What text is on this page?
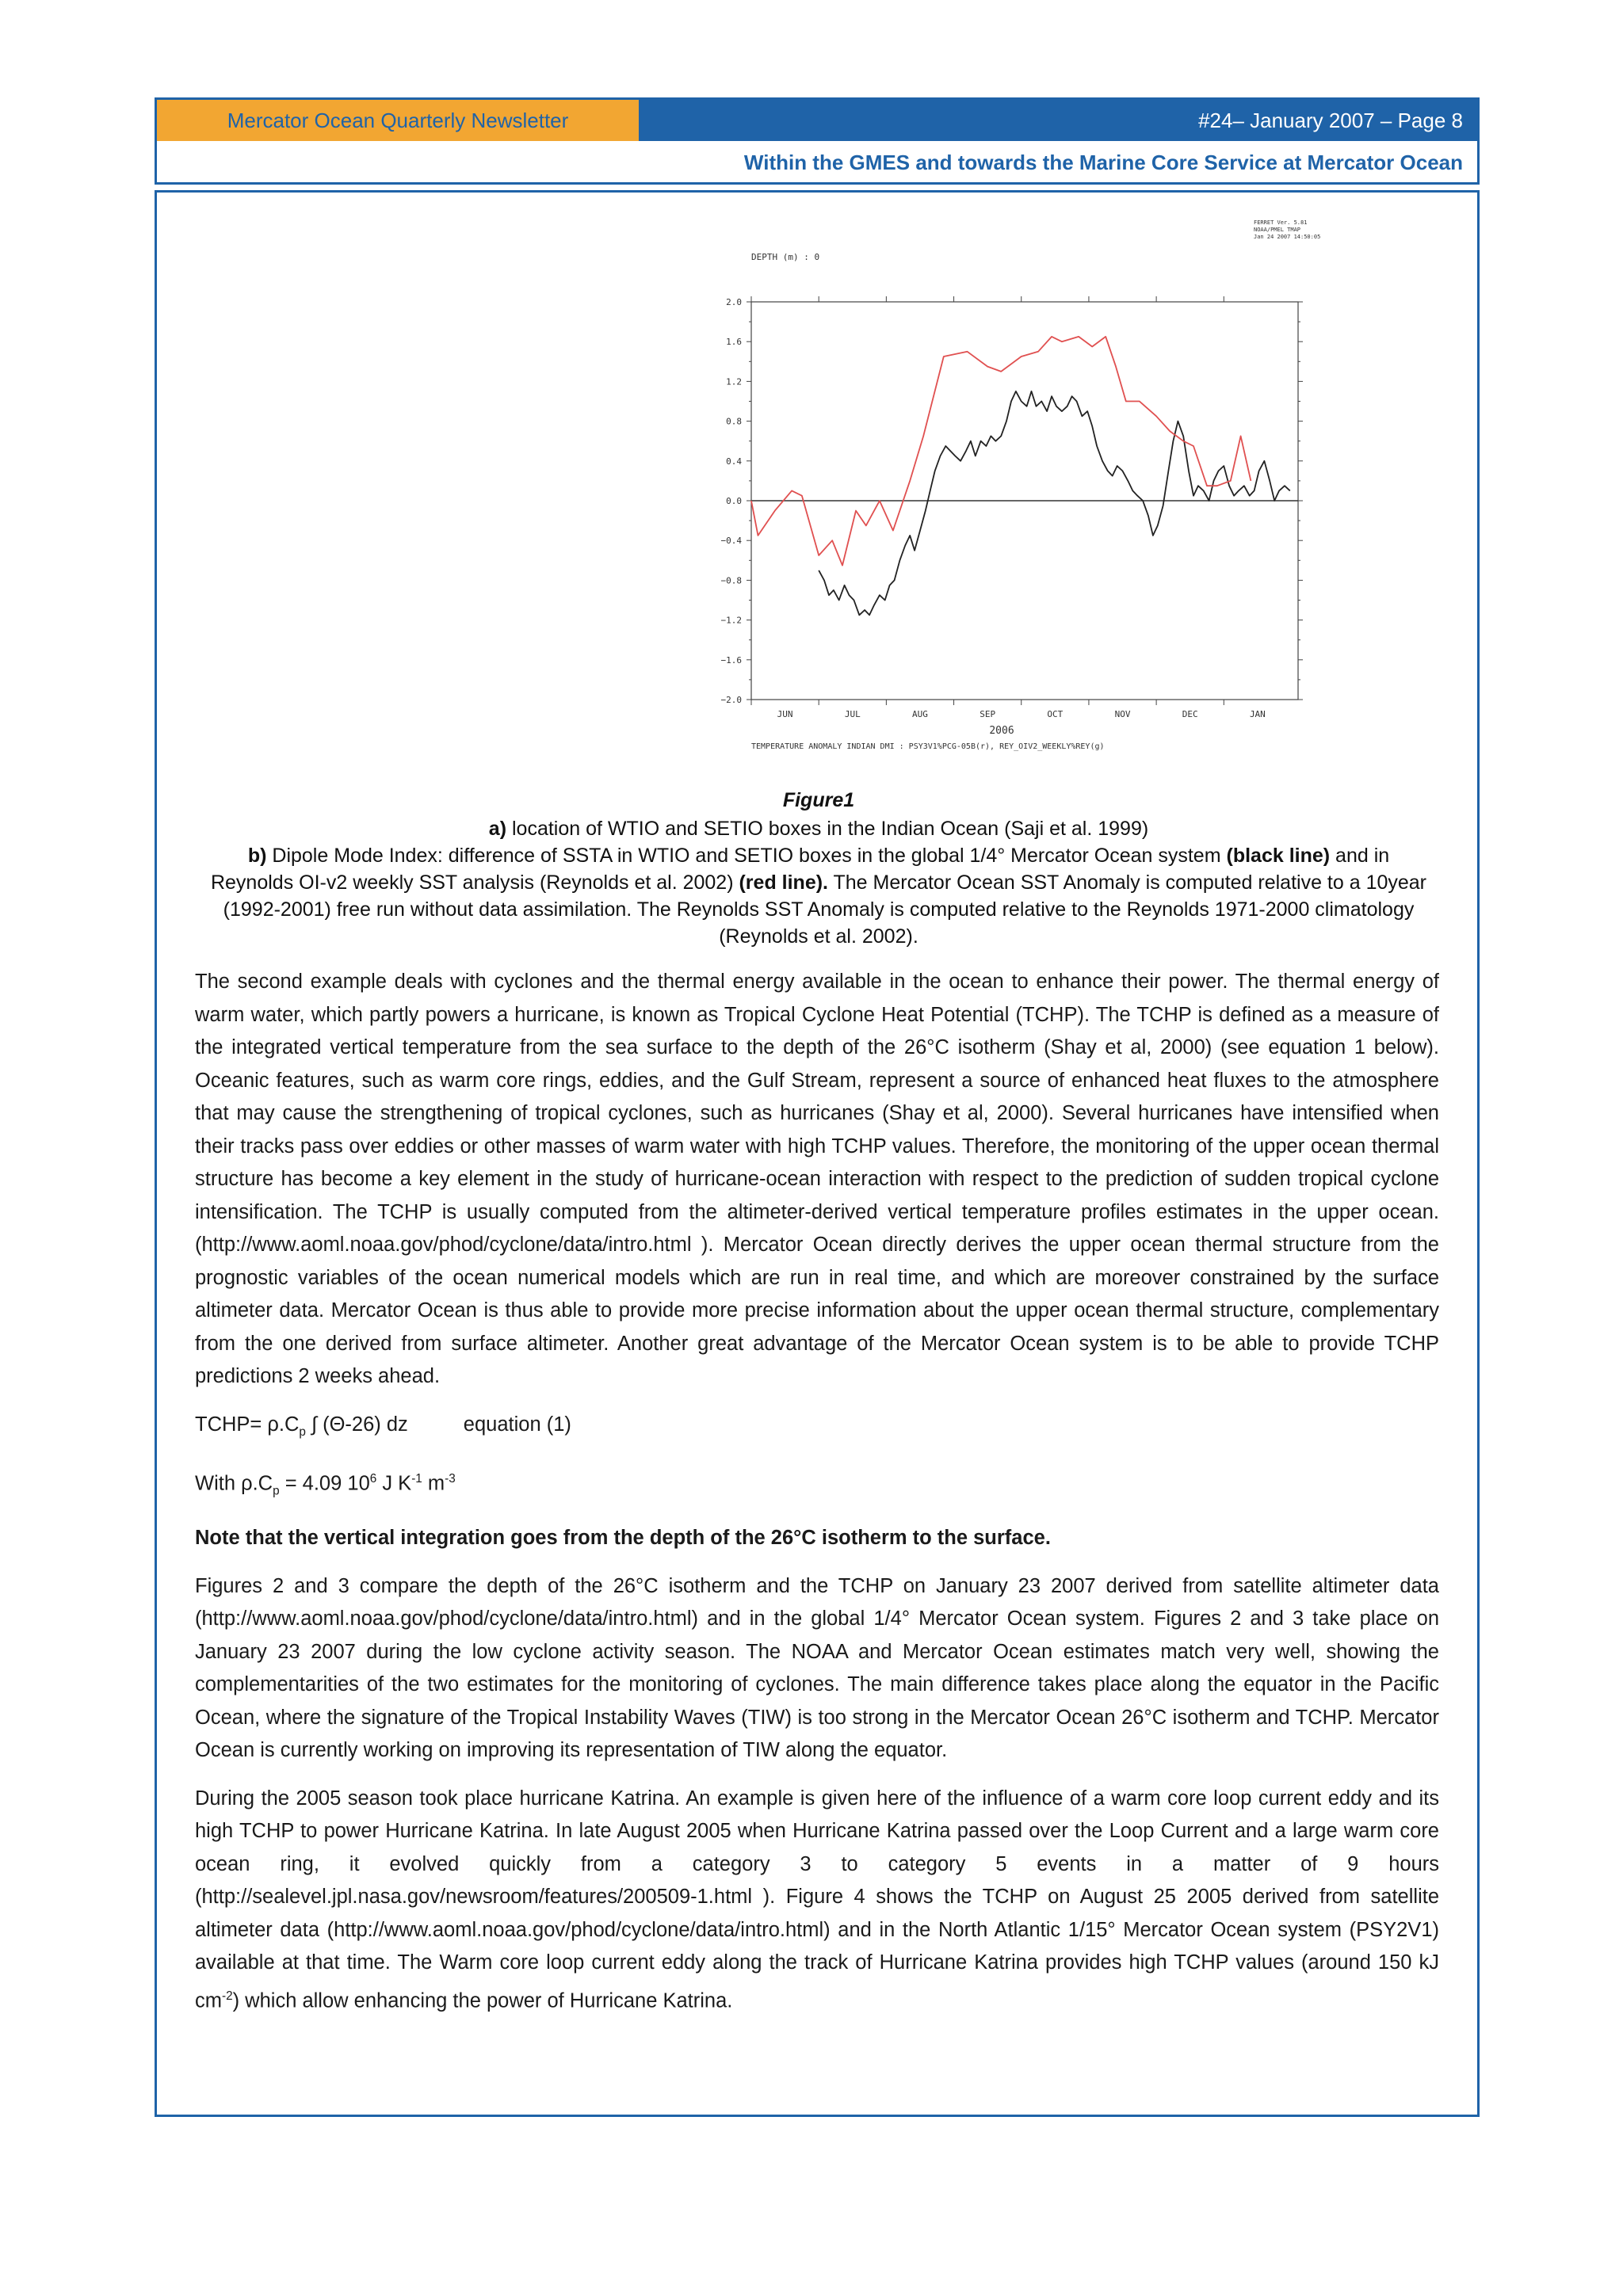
Mercator Ocean Quarterly Newsletter	#24– January 2007 – Page 8
Within the GMES and towards the Marine Core Service at Mercator Ocean
DEPTH (m) : 0
FERRET Ver. 5.81
NOAA/PMEL TMAP
Jan 24 2007 14:50:05
2.0
1.6
1.2
0.8
0.4
0.0
−0.4
−0.8
−1.2
−1.6
−2.0
JUN	JUL	AUG	SEP	OCT	NOV	DEC	JAN
2006
TEMPERATURE ANOMALY INDIAN DMI : PSY3V1%PCG-05B(r), REY_OIV2_WEEKLY%REY(g)
Figure1
a) location of WTIO and SETIO boxes in the Indian Ocean (Saji et al. 1999)
b) Dipole Mode Index: difference of SSTA in WTIO and SETIO boxes in the global 1/4° Mercator Ocean system (black line) and in Reynolds OI-v2 weekly SST analysis (Reynolds et al. 2002) (red line). The Mercator Ocean SST Anomaly is computed relative to a 10year (1992-2001) free run without data assimilation. The Reynolds SST Anomaly is computed relative to the Reynolds 1971-2000 climatology (Reynolds et al. 2002).

The second example deals with cyclones and the thermal energy available in the ocean to enhance their power. The thermal energy of warm water, which partly powers a hurricane, is known as Tropical Cyclone Heat Potential (TCHP). The TCHP is defined as a measure of the integrated vertical temperature from the sea surface to the depth of the 26°C isotherm (Shay et al, 2000) (see equation 1 below). Oceanic features, such as warm core rings, eddies, and the Gulf Stream, represent a source of enhanced heat fluxes to the atmosphere that may cause the strengthening of tropical cyclones, such as hurricanes (Shay et al, 2000). Several hurricanes have intensified when their tracks pass over eddies or other masses of warm water with high TCHP values. Therefore, the monitoring of the upper ocean thermal structure has become a key element in the study of hurricane-ocean interaction with respect to the prediction of sudden tropical cyclone intensification. The TCHP is usually computed from the altimeter-derived vertical temperature profiles estimates in the upper ocean. (http://www.aoml.noaa.gov/phod/cyclone/data/intro.html ). Mercator Ocean directly derives the upper ocean thermal structure from the prognostic variables of the ocean numerical models which are run in real time, and which are moreover constrained by the surface altimeter data. Mercator Ocean is thus able to provide more precise information about the upper ocean thermal structure, complementary from the one derived from surface altimeter. Another great advantage of the Mercator Ocean system is to be able to provide TCHP predictions 2 weeks ahead.

TCHP= $\rho.C_p$ ∫ (Θ-26) dz	equation (1)
With $\rho.C_p = 4.09$ $10^6$ J $K^{-1}$ $m^{-3}$

Note that the vertical integration goes from the depth of the 26°C isotherm to the surface.

Figures 2 and 3 compare the depth of the 26°C isotherm and the TCHP on January 23 2007 derived from satellite altimeter data (http://www.aoml.noaa.gov/phod/cyclone/data/intro.html) and in the global 1/4° Mercator Ocean system. Figures 2 and 3 take place on January 23 2007 during the low cyclone activity season. The NOAA and Mercator Ocean estimates match very well, showing the complementarities of the two estimates for the monitoring of cyclones. The main difference takes place along the equator in the Pacific Ocean, where the signature of the Tropical Instability Waves (TIW) is too strong in the Mercator Ocean 26°C isotherm and TCHP. Mercator Ocean is currently working on improving its representation of TIW along the equator.

During the 2005 season took place hurricane Katrina. An example is given here of the influence of a warm core loop current eddy and its high TCHP to power Hurricane Katrina. In late August 2005 when Hurricane Katrina passed over the Loop Current and a large warm core ocean ring, it evolved quickly from a category 3 to category 5 events in a matter of 9 hours (http://sealevel.jpl.nasa.gov/newsroom/features/200509-1.html ). Figure 4 shows the TCHP on August 25 2005 derived from satellite altimeter data (http://www.aoml.noaa.gov/phod/cyclone/data/intro.html) and in the North Atlantic 1/15° Mercator Ocean system (PSY2V1) available at that time. The Warm core loop current eddy along the track of Hurricane Katrina provides high TCHP values (around 150 kJ $cm^{-2}$) which allow enhancing the power of Hurricane Katrina.
